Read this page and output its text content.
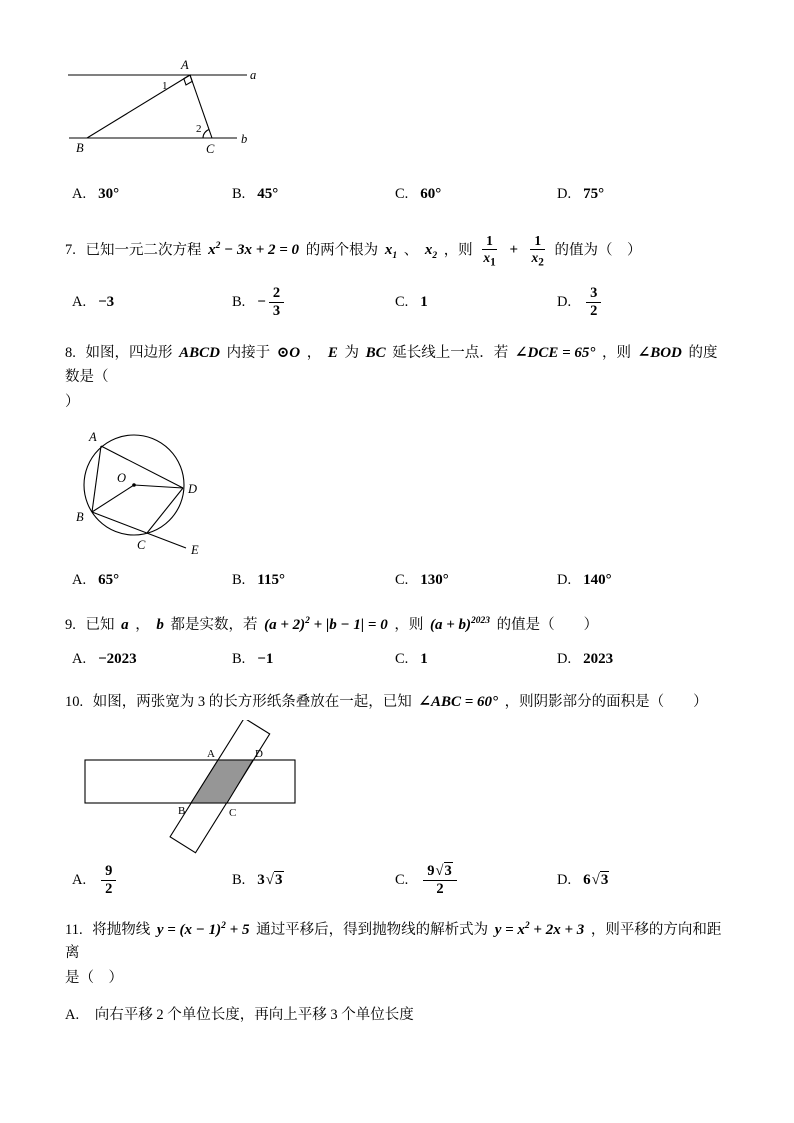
A
a
1
2
B	C
b
A. 30°	B. 45°	C. 60°	D. 75°
7. 已知一元二次方程 $x^2 - 3x + 2 = 0$ 的两个根为 $x_1$ 、 $x_2$ ，则 $\frac{1}{x_1} + \frac{1}{x_2}$ 的值为（　）
A. −3	B. − $\frac{2}{3}$	C. 1	D. $\frac{3}{2}$
8. 如图，四边形 ABCD 内接于 ⊙O ， E 为 BC 延长线上一点．若 ∠DCE = 65° ，则 ∠BOD 的度数是（
）
A
O
B
C
D
E
A. 65°	B. 115°	C. 130°	D. 140°
9. 已知 a ， b 都是实数，若 $(a + 2)^2 + |b - 1| = 0$ ，则 $(a + b)^{2023}$ 的值是（　　）
A. −2023	B. −1	C. 1	D. 2023
10. 如图，两张宽为 3 的长方形纸条叠放在一起，已知 ∠ABC = 60° ，则阴影部分的面积是（　　）
A	D
B	C
A. $\frac{9}{2}$	B. 3 √ 3	C. $\frac{9 √ 3}{2}$	D. 6 √ 3
11. 将抛物线 $y = (x - 1)^2 + 5$ 通过平移后，得到抛物线的解析式为 $y = x^2 + 2x + 3$ ，则平移的方向和距离
是（　）
A. 向右平移 2 个单位长度，再向上平移 3 个单位长度
